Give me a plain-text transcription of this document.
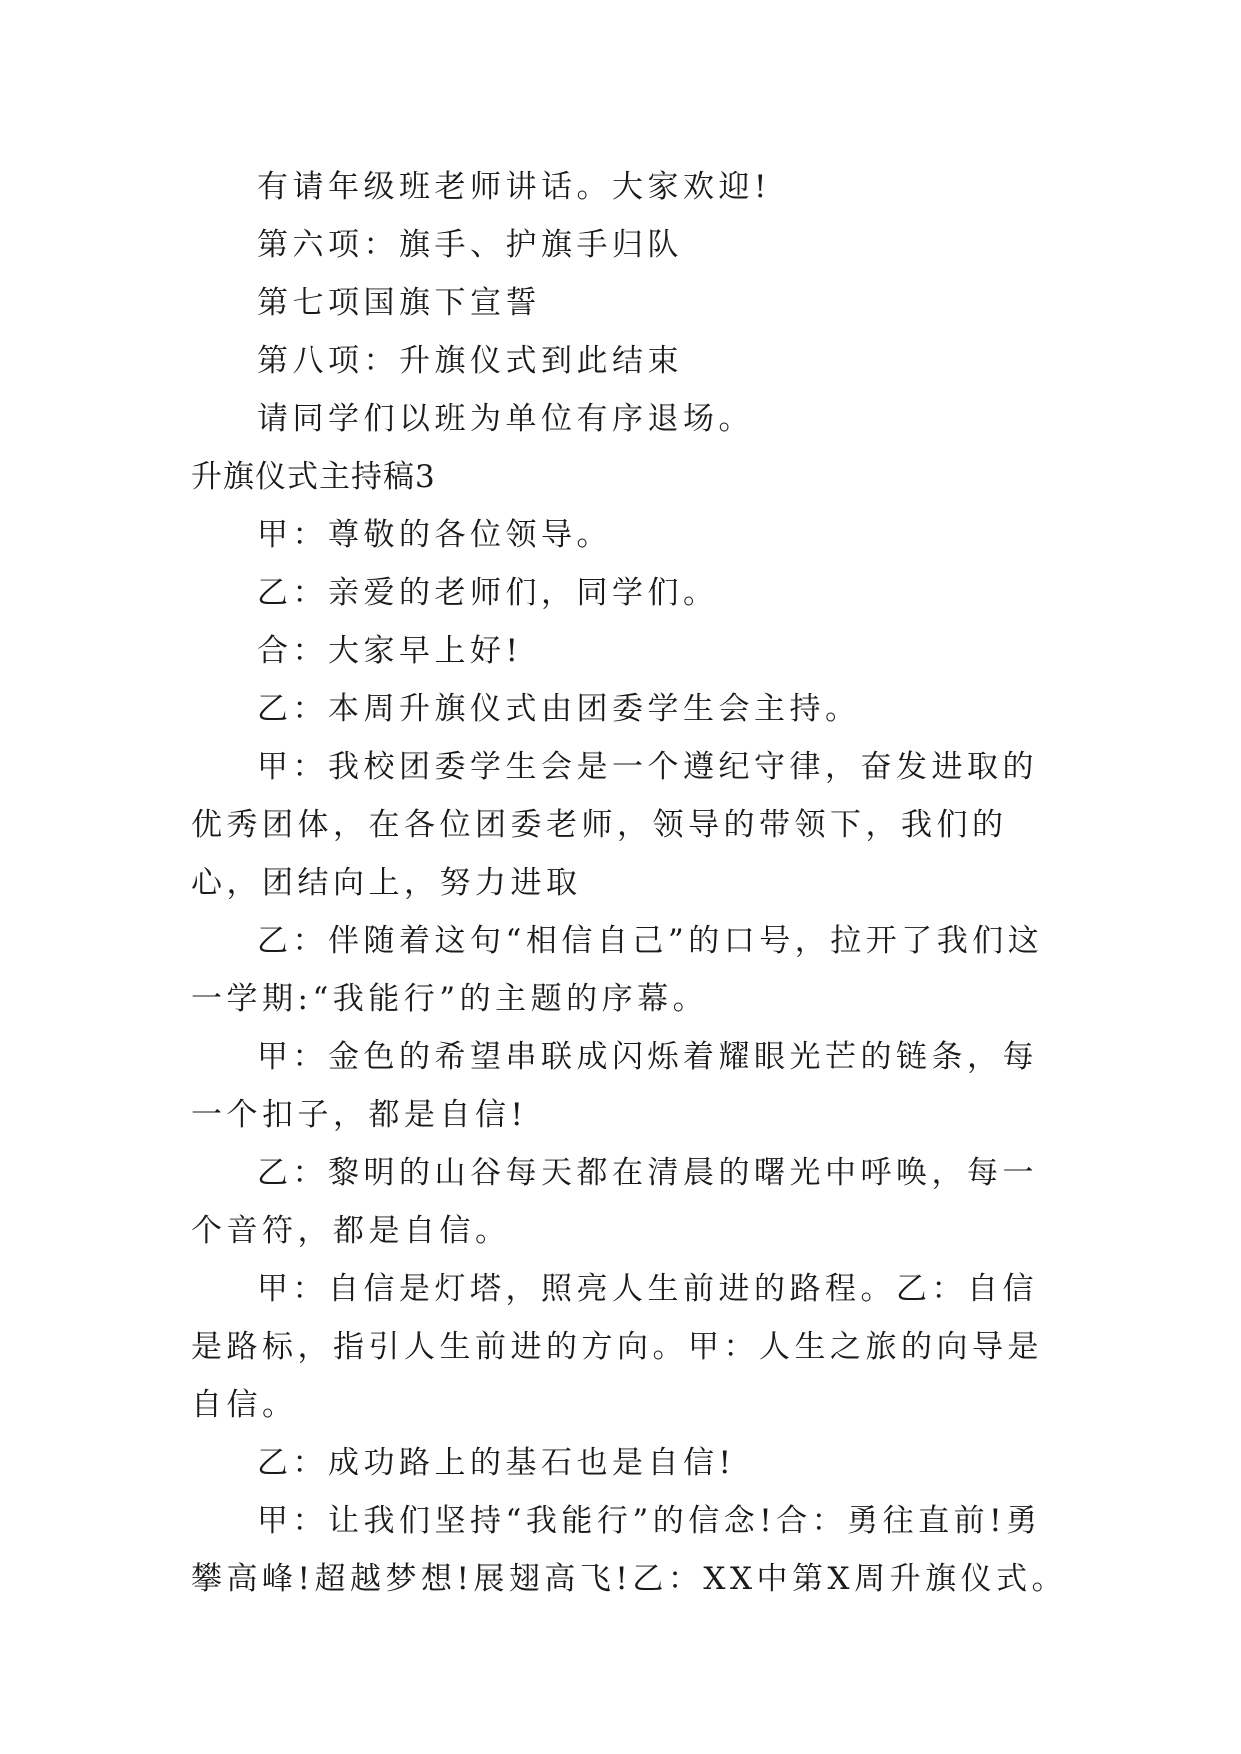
有请年级班老师讲话。大家欢迎!

第六项：旗手、护旗手归队

第七项国旗下宣誓

第八项：升旗仪式到此结束

请同学们以班为单位有序退场。

升旗仪式主持稿3

甲：尊敬的各位领导。

乙：亲爱的老师们，同学们。

合：大家早上好!

乙：本周升旗仪式由团委学生会主持。

甲：我校团委学生会是一个遵纪守律，奋发进取的优秀团体，在各位团委老师，领导的带领下，我们的心，团结向上，努力进取

乙：伴随着这句“相信自己”的口号，拉开了我们这一学期:“我能行”的主题的序幕。

甲：金色的希望串联成闪烁着耀眼光芒的链条，每一个扣子，都是自信!

乙：黎明的山谷每天都在清晨的曙光中呼唤，每一个音符，都是自信。

甲：自信是灯塔，照亮人生前进的路程。乙：自信是路标，指引人生前进的方向。甲：人生之旅的向导是自信。

乙：成功路上的基石也是自信!

甲：让我们坚持“我能行”的信念!合：勇往直前!勇攀高峰!超越梦想!展翅高飞!乙：XX中第X周升旗仪式。
